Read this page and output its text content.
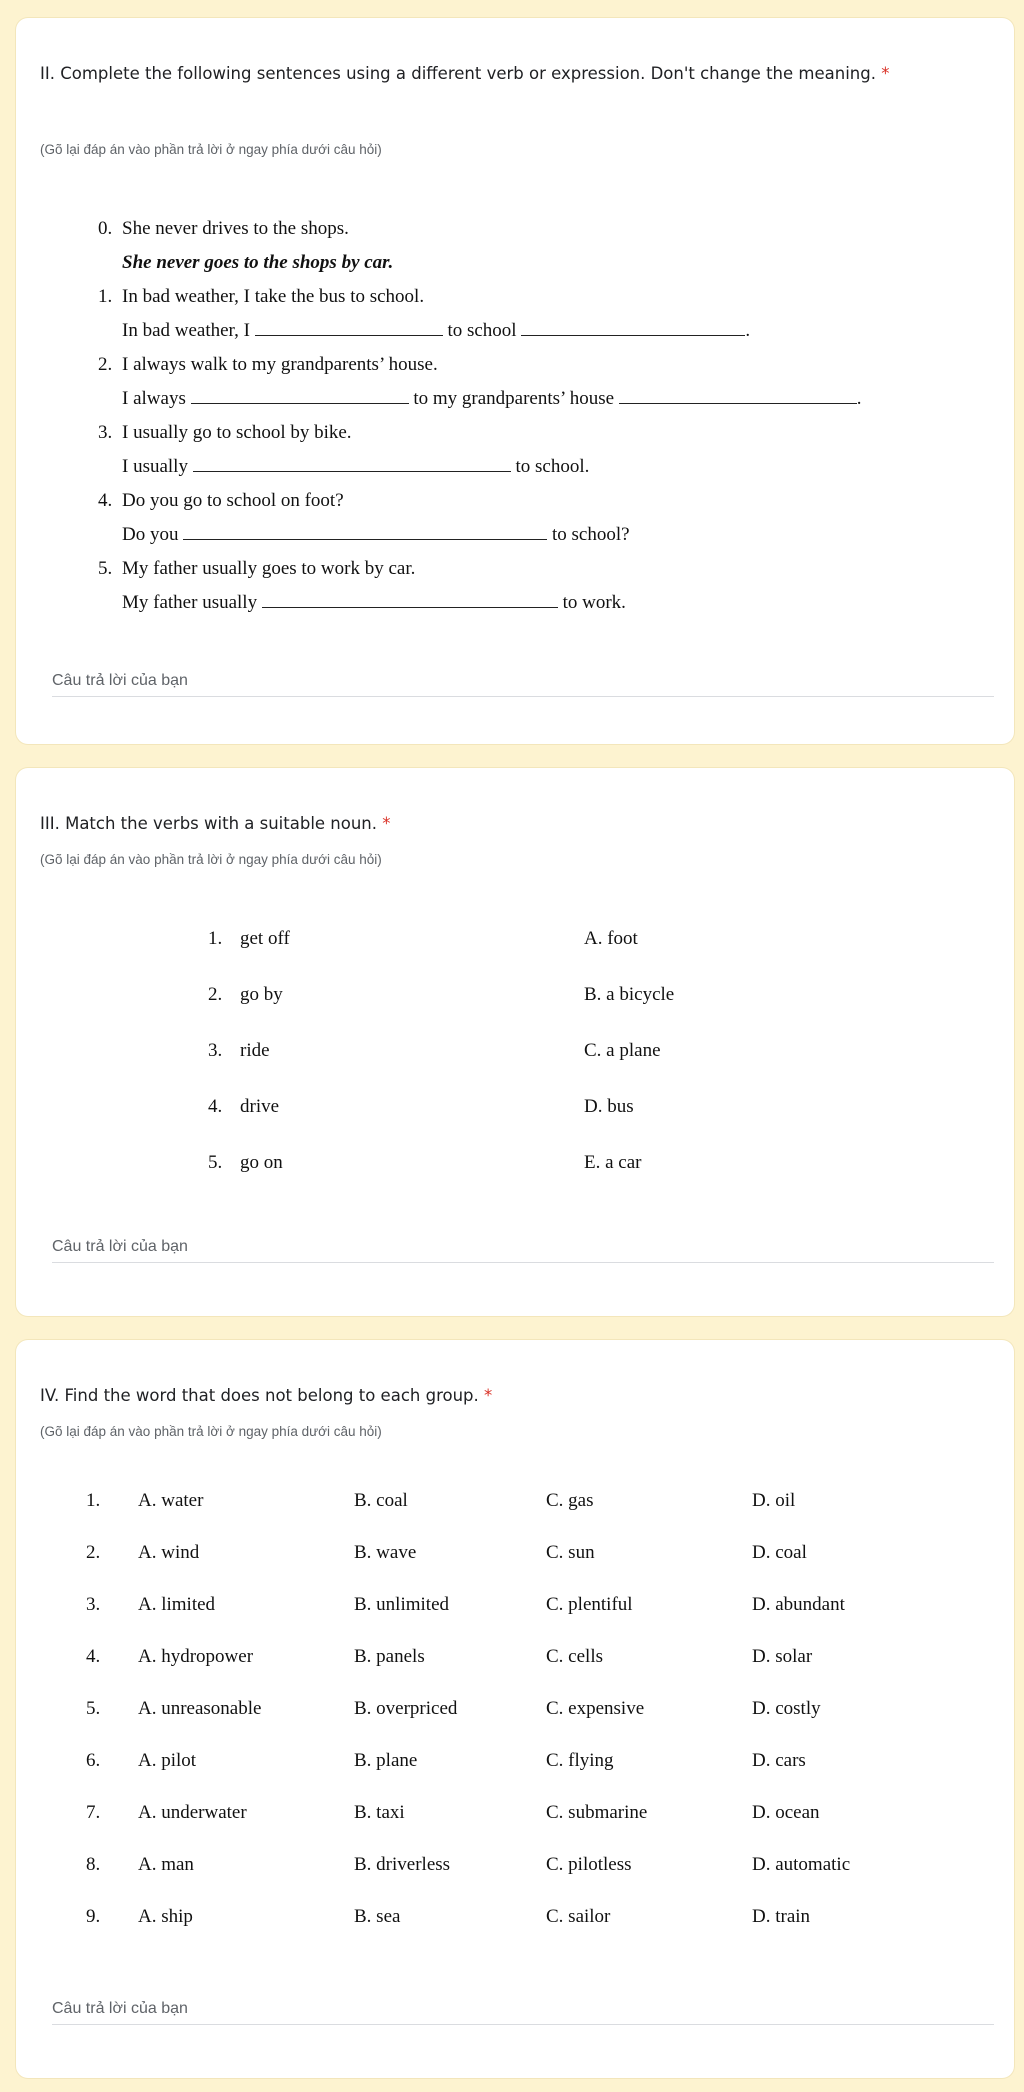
II. Complete the following sentences using a different verb or expression. Don't change the meaning. *
(Gõ lại đáp án vào phần trả lời ở ngay phía dưới câu hỏi)
0. She never drives to the shops.
She never goes to the shops by car.
1. In bad weather, I take the bus to school.
In bad weather, I	to school	.
2. I always walk to my grandparents’ house.
I always	to my grandparents’ house	.
3. I usually go to school by bike.
I usually	to school.
4. Do you go to school on foot?
Do you	to school?
5. My father usually goes to work by car.
My father usually	to work.
Câu trả lời của bạn
III. Match the verbs with a suitable noun. *
(Gõ lại đáp án vào phần trả lời ở ngay phía dưới câu hỏi)
1. get off	A. foot
2. go by	B. a bicycle
3. ride	C. a plane
4. drive	D. bus
5. go on	E. a car
Câu trả lời của bạn
IV. Find the word that does not belong to each group. *
(Gõ lại đáp án vào phần trả lời ở ngay phía dưới câu hỏi)
1. A. water	B. coal	C. gas	D. oil
2. A. wind	B. wave	C. sun	D. coal
3. A. limited	B. unlimited	C. plentiful	D. abundant
4. A. hydropower	B. panels	C. cells	D. solar
5. A. unreasonable	B. overpriced	C. expensive	D. costly
6. A. pilot	B. plane	C. flying	D. cars
7. A. underwater	B. taxi	C. submarine	D. ocean
8. A. man	B. driverless	C. pilotless	D. automatic
9. A. ship	B. sea	C. sailor	D. train
Câu trả lời của bạn
